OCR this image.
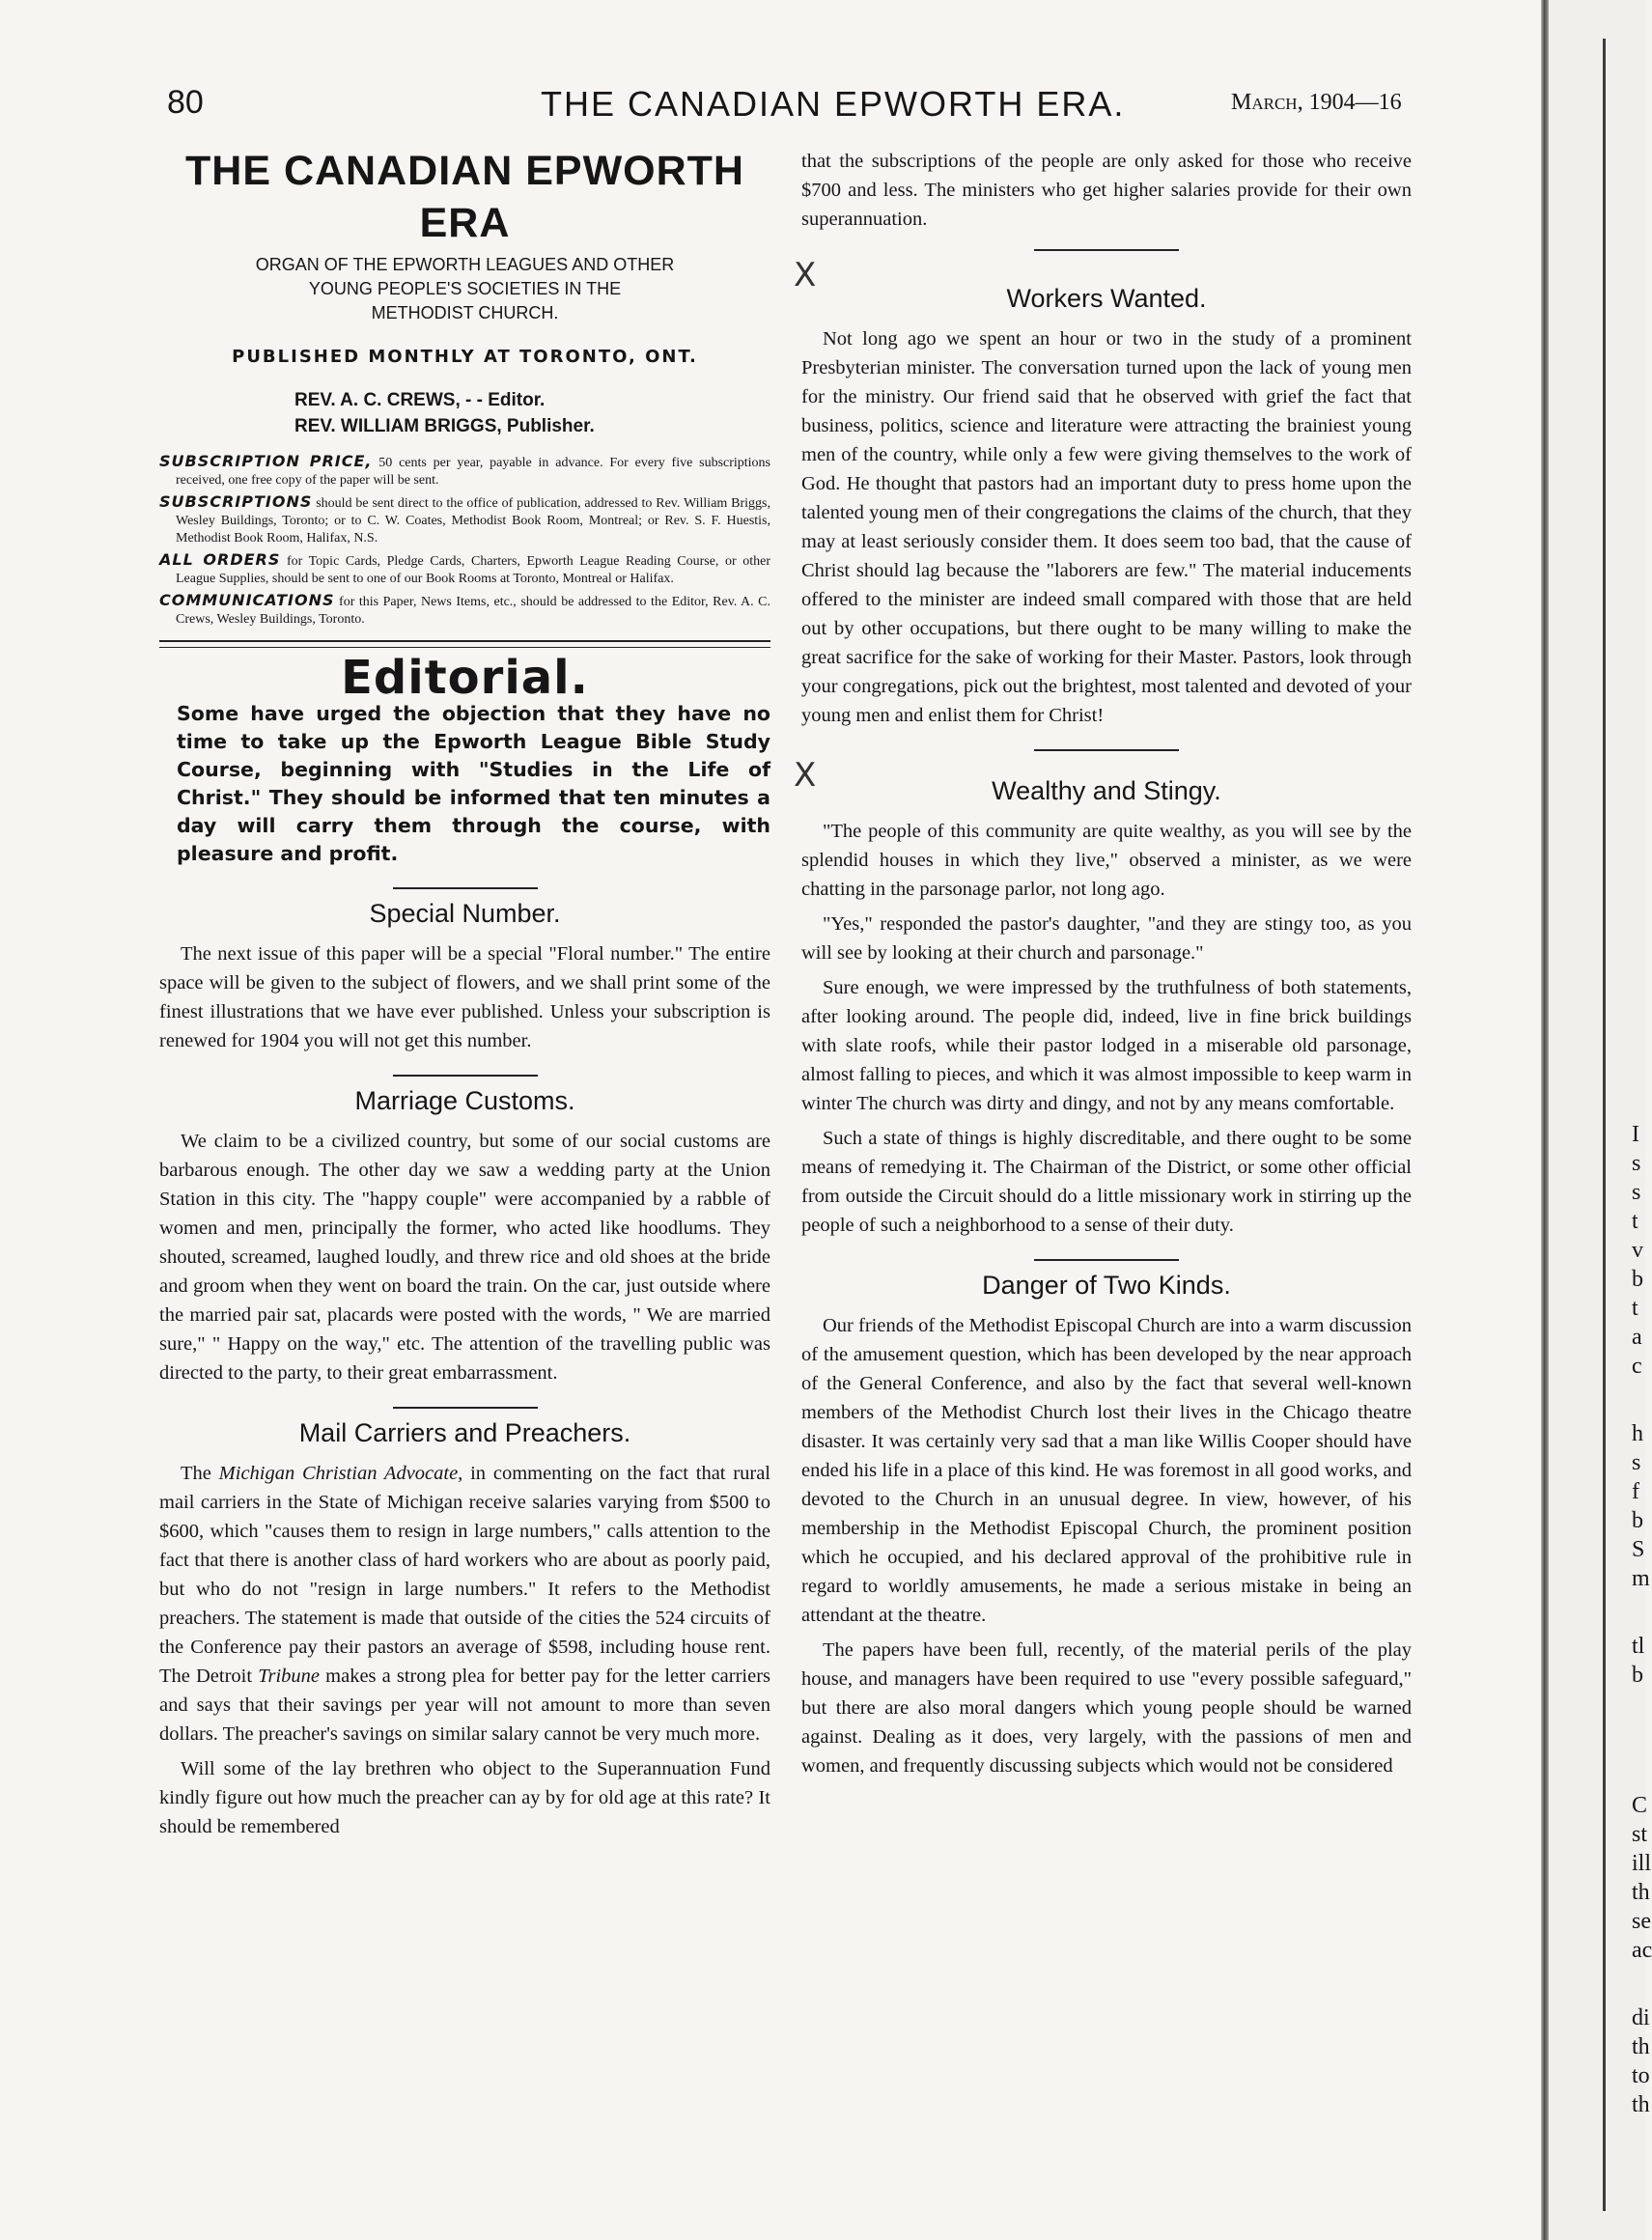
80	THE CANADIAN EPWORTH ERA.	March, 1904—16
THE CANADIAN EPWORTH ERA
ORGAN OF THE EPWORTH LEAGUES AND OTHER
YOUNG PEOPLE'S SOCIETIES IN THE
METHODIST CHURCH.
PUBLISHED MONTHLY AT TORONTO, ONT.
REV. A. C. CREWS, - - Editor.
REV. WILLIAM BRIGGS, Publisher.

SUBSCRIPTION PRICE, 50 cents per year, payable in advance. For every five subscriptions received, one free copy of the paper will be sent.

SUBSCRIPTIONS should be sent direct to the office of publication, addressed to Rev. William Briggs, Wesley Buildings, Toronto; or to C. W. Coates, Methodist Book Room, Montreal; or Rev. S. F. Huestis, Methodist Book Room, Halifax, N.S.

ALL ORDERS for Topic Cards, Pledge Cards, Charters, Epworth League Reading Course, or other League Supplies, should be sent to one of our Book Rooms at Toronto, Montreal or Halifax.

COMMUNICATIONS for this Paper, News Items, etc., should be addressed to the Editor, Rev. A. C. Crews, Wesley Buildings, Toronto.

Editorial.

Some have urged the objection that they have no time to take up the Epworth League Bible Study Course, beginning with "Studies in the Life of Christ." They should be informed that ten minutes a day will carry them through the course, with pleasure and profit.

Special Number.

The next issue of this paper will be a special "Floral number." The entire space will be given to the subject of flowers, and we shall print some of the finest illustrations that we have ever published. Unless your subscription is renewed for 1904 you will not get this number.

Marriage Customs.

We claim to be a civilized country, but some of our social customs are barbarous enough. The other day we saw a wedding party at the Union Station in this city. The "happy couple" were accompanied by a rabble of women and men, principally the former, who acted like hoodlums. They shouted, screamed, laughed loudly, and threw rice and old shoes at the bride and groom when they went on board the train. On the car, just outside where the married pair sat, placards were posted with the words, " We are married sure," " Happy on the way," etc. The attention of the travelling public was directed to the party, to their great embarrassment.

Mail Carriers and Preachers.

The Michigan Christian Advocate, in commenting on the fact that rural mail carriers in the State of Michigan receive salaries varying from $500 to $600, which "causes them to resign in large numbers," calls attention to the fact that there is another class of hard workers who are about as poorly paid, but who do not "resign in large numbers." It refers to the Methodist preachers. The statement is made that outside of the cities the 524 circuits of the Conference pay their pastors an average of $598, including house rent. The Detroit Tribune makes a strong plea for better pay for the letter carriers and says that their savings per year will not amount to more than seven dollars. The preacher's savings on similar salary cannot be very much more.

Will some of the lay brethren who object to the Superannuation Fund kindly figure out how much the preacher can ay by for old age at this rate? It should be remembered

that the subscriptions of the people are only asked for those who receive $700 and less. The ministers who get higher salaries provide for their own superannuation.

X
Workers Wanted.

Not long ago we spent an hour or two in the study of a prominent Presbyterian minister. The conversation turned upon the lack of young men for the ministry. Our friend said that he observed with grief the fact that business, politics, science and literature were attracting the brainiest young men of the country, while only a few were giving themselves to the work of God. He thought that pastors had an important duty to press home upon the talented young men of their congregations the claims of the church, that they may at least seriously consider them. It does seem too bad, that the cause of Christ should lag because the "laborers are few." The material inducements offered to the minister are indeed small compared with those that are held out by other occupations, but there ought to be many willing to make the great sacrifice for the sake of working for their Master. Pastors, look through your congregations, pick out the brightest, most talented and devoted of your young men and enlist them for Christ!

X	Wealthy and Stingy.

"The people of this community are quite wealthy, as you will see by the splendid houses in which they live," observed a minister, as we were chatting in the parsonage parlor, not long ago.

"Yes," responded the pastor's daughter, "and they are stingy too, as you will see by looking at their church and parsonage."

Sure enough, we were impressed by the truthfulness of both statements, after looking around. The people did, indeed, live in fine brick buildings with slate roofs, while their pastor lodged in a miserable old parsonage, almost falling to pieces, and which it was almost impossible to keep warm in winter The church was dirty and dingy, and not by any means comfortable.

Such a state of things is highly discreditable, and there ought to be some means of remedying it. The Chairman of the District, or some other official from outside the Circuit should do a little missionary work in stirring up the people of such a neighborhood to a sense of their duty.

Danger of Two Kinds.

Our friends of the Methodist Episcopal Church are into a warm discussion of the amusement question, which has been developed by the near approach of the General Conference, and also by the fact that several well-known members of the Methodist Church lost their lives in the Chicago theatre disaster. It was certainly very sad that a man like Willis Cooper should have ended his life in a place of this kind. He was foremost in all good works, and devoted to the Church in an unusual degree. In view, however, of his membership in the Methodist Episcopal Church, the prominent position which he occupied, and his declared approval of the prohibitive rule in regard to worldly amusements, he made a serious mistake in being an attendant at the theatre.

The papers have been full, recently, of the material perils of the play house, and managers have been required to use "every possible safeguard," but there are also moral dangers which young people should be warned against. Dealing as it does, very largely, with the passions of men and women, and frequently discussing subjects which would not be considered

I
s
s
t
v
b
t
a
c
h
s
f
b
S
m
tl
b
C
st
ill
th
se
ac
di
th
to
th
